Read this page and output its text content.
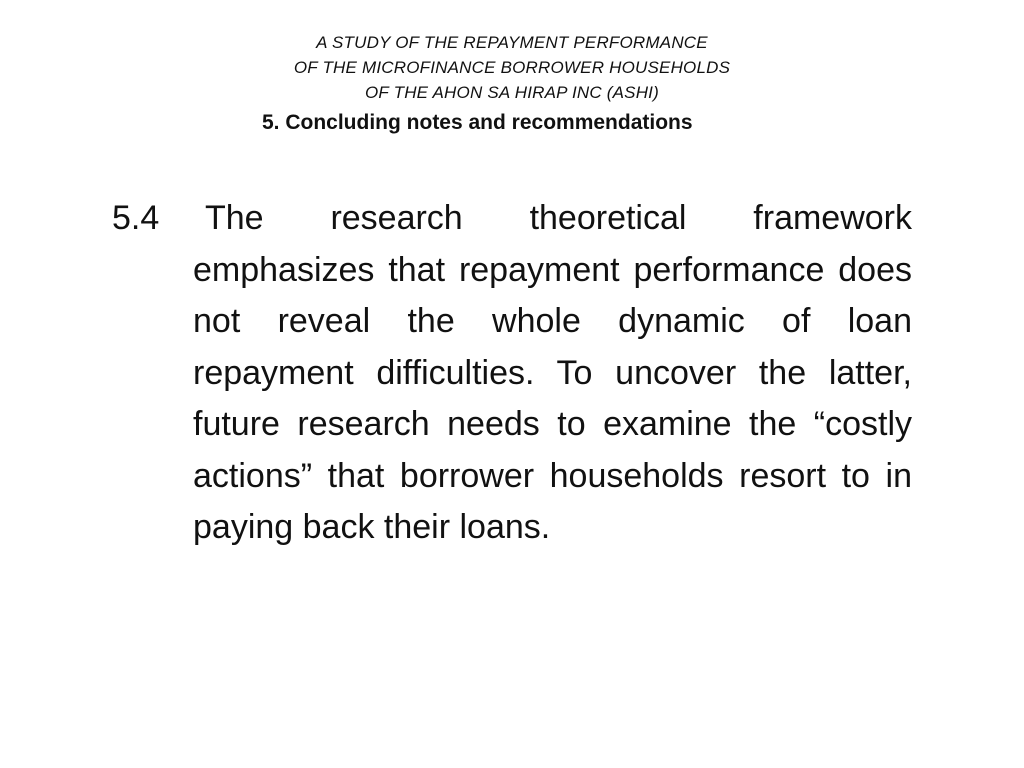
A STUDY OF THE REPAYMENT PERFORMANCE
OF THE MICROFINANCE BORROWER HOUSEHOLDS
OF THE AHON SA HIRAP INC (ASHI)
5. Concluding notes and recommendations
5.4	The research theoretical framework emphasizes that repayment performance does not reveal the whole dynamic of loan repayment difficulties. To uncover the latter, future research needs to examine the “costly actions” that borrower households resort to in paying back their loans.
